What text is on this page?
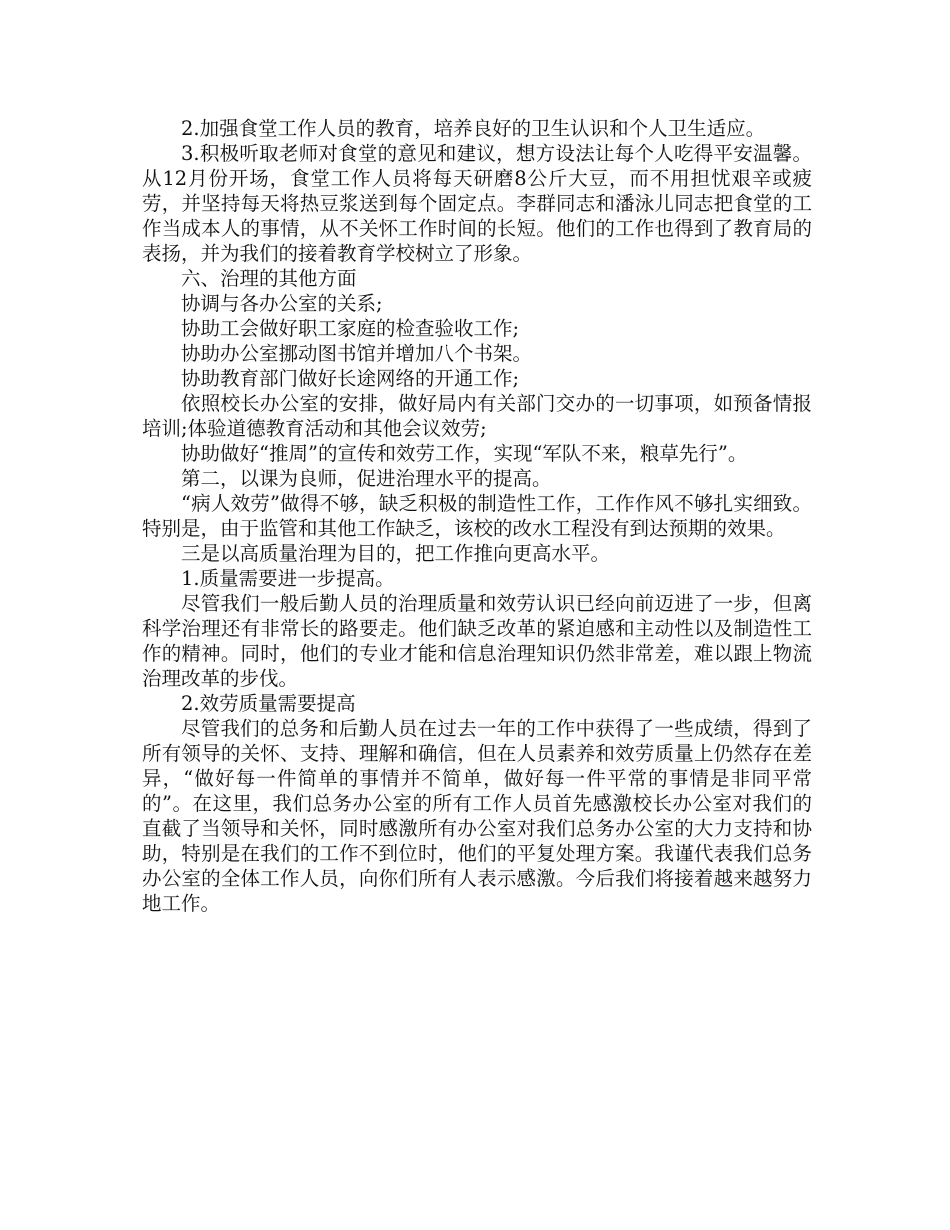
2.加强食堂工作人员的教育，培养良好的卫生认识和个人卫生适应。

3.积极听取老师对食堂的意见和建议，想方设法让每个人吃得平安温馨。从12月份开场，食堂工作人员将每天研磨8公斤大豆，而不用担忧艰辛或疲劳，并坚持每天将热豆浆送到每个固定点。李群同志和潘泳儿同志把食堂的工作当成本人的事情，从不关怀工作时间的长短。他们的工作也得到了教育局的表扬，并为我们的接着教育学校树立了形象。

六、治理的其他方面

协调与各办公室的关系;

协助工会做好职工家庭的检查验收工作;

协助办公室挪动图书馆并增加八个书架。

协助教育部门做好长途网络的开通工作;

依照校长办公室的安排，做好局内有关部门交办的一切事项，如预备情报培训;体验道德教育活动和其他会议效劳;

协助做好“推周”的宣传和效劳工作，实现“军队不来，粮草先行”。

第二，以课为良师，促进治理水平的提高。

“病人效劳”做得不够，缺乏积极的制造性工作，工作作风不够扎实细致。特别是，由于监管和其他工作缺乏，该校的改水工程没有到达预期的效果。

三是以高质量治理为目的，把工作推向更高水平。

1.质量需要进一步提高。

尽管我们一般后勤人员的治理质量和效劳认识已经向前迈进了一步，但离科学治理还有非常长的路要走。他们缺乏改革的紧迫感和主动性以及制造性工作的精神。同时，他们的专业才能和信息治理知识仍然非常差，难以跟上物流治理改革的步伐。

2.效劳质量需要提高

尽管我们的总务和后勤人员在过去一年的工作中获得了一些成绩，得到了所有领导的关怀、支持、理解和确信，但在人员素养和效劳质量上仍然存在差异，“做好每一件简单的事情并不简单，做好每一件平常的事情是非同平常的”。在这里，我们总务办公室的所有工作人员首先感激校长办公室对我们的直截了当领导和关怀，同时感激所有办公室对我们总务办公室的大力支持和协助，特别是在我们的工作不到位时，他们的平复处理方案。我谨代表我们总务办公室的全体工作人员，向你们所有人表示感激。今后我们将接着越来越努力地工作。
